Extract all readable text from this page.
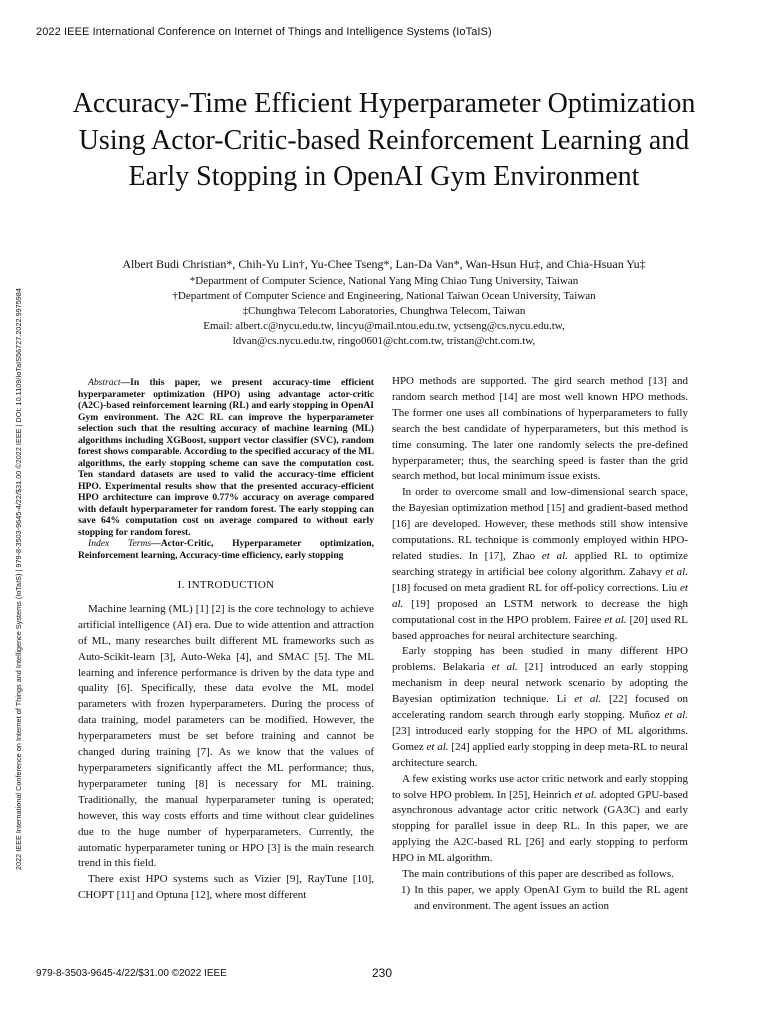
2022 IEEE International Conference on Internet of Things and Intelligence Systems (IoTaIS)
2022 IEEE International Conference on Internet of Things and Intelligence Systems (IoTaIS) | 979-8-3503-9645-4/22/$31.00 ©2022 IEEE | DOI: 10.1109/IoTaIS56727.2022.9975984
Accuracy-Time Efficient Hyperparameter Optimization Using Actor-Critic-based Reinforcement Learning and Early Stopping in OpenAI Gym Environment
Albert Budi Christian*, Chih-Yu Lin†, Yu-Chee Tseng*, Lan-Da Van*, Wan-Hsun Hu‡, and Chia-Hsuan Yu‡
*Department of Computer Science, National Yang Ming Chiao Tung University, Taiwan
†Department of Computer Science and Engineering, National Taiwan Ocean University, Taiwan
‡Chunghwa Telecom Laboratories, Chunghwa Telecom, Taiwan
Email: albert.c@nycu.edu.tw, lincyu@mail.ntou.edu.tw, yctseng@cs.nycu.edu.tw,
ldvan@cs.nycu.edu.tw, ringo0601@cht.com.tw, tristan@cht.com.tw,

Abstract—In this paper, we present accuracy-time efficient hyperparameter optimization (HPO) using advantage actor-critic (A2C)-based reinforcement learning (RL) and early stopping in OpenAI Gym environment. The A2C RL can improve the hyperparameter selection such that the resulting accuracy of machine learning (ML) algorithms including XGBoost, support vector classifier (SVC), random forest shows comparable. According to the specified accuracy of the ML algorithms, the early stopping scheme can save the computation cost. Ten standard datasets are used to valid the accuracy-time efficient HPO. Experimental results show that the presented accuracy-efficient HPO architecture can improve 0.77% accuracy on average compared with default hyperparameter for random forest. The early stopping can save 64% computation cost on average compared to without early stopping for random forest.

Index Terms—Actor-Critic, Hyperparameter optimization, Reinforcement learning, Accuracy-time efficiency, early stopping

I. INTRODUCTION

Machine learning (ML) [1] [2] is the core technology to achieve artificial intelligence (AI) era. Due to wide attention and attraction of ML, many researches built different ML frameworks such as Auto-Scikit-learn [3], Auto-Weka [4], and SMAC [5]. The ML learning and inference performance is driven by the data type and quality [6]. Specifically, these data evolve the ML model parameters with frozen hyperparameters. During the process of data training, model parameters can be modified. However, the hyperparameters must be set before training and cannot be changed during training [7]. As we know that the values of hyperparameters significantly affect the ML performance; thus, hyperparameter tuning [8] is necessary for ML training. Traditionally, the manual hyperparameter tuning is operated; however, this way costs efforts and time without clear guidelines due to the huge number of hyperparameters. Currently, the automatic hyperparameter tuning or HPO [3] is the main research trend in this field.

There exist HPO systems such as Vizier [9], RayTune [10], CHOPT [11] and Optuna [12], where most different

HPO methods are supported. The gird search method [13] and random search method [14] are most well known HPO methods. The former one uses all combinations of hyperparameters to fully search the best candidate of hyperparameters, but this method is time consuming. The later one randomly selects the pre-defined hyperparameter; thus, the searching speed is faster than the grid search method, but local minimum issue exists.

In order to overcome small and low-dimensional search space, the Bayesian optimization method [15] and gradient-based method [16] are developed. However, these methods still show intensive computations. RL technique is commonly employed within HPO-related studies. In [17], Zhao et al. applied RL to optimize searching strategy in artificial bee colony algorithm. Zahavy et al. [18] focused on meta gradient RL for off-policy corrections. Liu et al. [19] proposed an LSTM network to decrease the high computational cost in the HPO problem. Fairee et al. [20] used RL based approaches for neural architecture searching.

Early stopping has been studied in many different HPO problems. Belakaria et al. [21] introduced an early stopping mechanism in deep neural network scenario by adopting the Bayesian optimization technique. Li et al. [22] focused on accelerating random search through early stopping. Muñoz et al. [23] introduced early stopping for the HPO of ML algorithms. Gomez et al. [24] applied early stopping in deep meta-RL to neural architecture search.

A few existing works use actor critic network and early stopping to solve HPO problem. In [25], Heinrich et al. adopted GPU-based asynchronous advantage actor critic network (GA3C) and early stopping for parallel issue in deep RL. In this paper, we are applying the A2C-based RL [26] and early stopping to perform HPO in ML algorithm.

The main contributions of this paper are described as follows.

1) In this paper, we apply OpenAI Gym to build the RL agent and environment. The agent issues an action

979-8-3503-9645-4/22/$31.00 ©2022 IEEE	230
